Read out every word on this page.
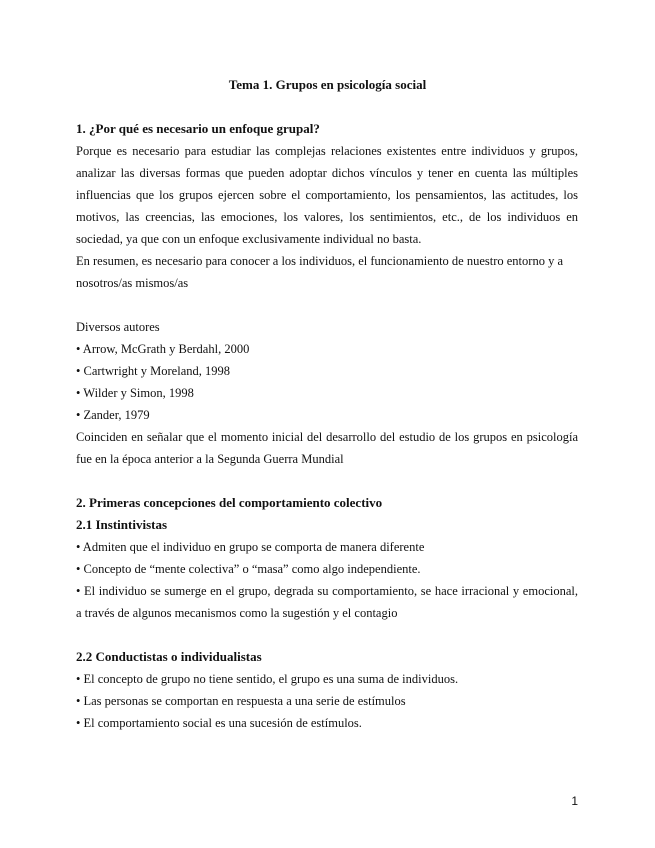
Tema 1. Grupos en psicología social

1. ¿Por qué es necesario un enfoque grupal?

Porque es necesario para estudiar las complejas relaciones existentes entre individuos y grupos, analizar las diversas formas que pueden adoptar dichos vínculos y tener en cuenta las múltiples influencias que los grupos ejercen sobre el comportamiento, los pensamientos, las actitudes, los motivos, las creencias, las emociones, los valores, los sentimientos, etc., de los individuos en sociedad, ya que con un enfoque exclusivamente individual no basta.

En resumen, es necesario para conocer a los individuos, el funcionamiento de nuestro entorno y a nosotros/as mismos/as

Diversos autores

• Arrow, McGrath y Berdahl, 2000

• Cartwright y Moreland, 1998

• Wilder y Simon, 1998

• Zander, 1979

Coinciden en señalar que el momento inicial del desarrollo del estudio de los grupos en psicología fue en la época anterior a la Segunda Guerra Mundial

2. Primeras concepciones del comportamiento colectivo

2.1 Instintivistas

• Admiten que el individuo en grupo se comporta de manera diferente

• Concepto de “mente colectiva” o “masa” como algo independiente.

• El individuo se sumerge en el grupo, degrada su comportamiento, se hace irracional y emocional, a través de algunos mecanismos como la sugestión y el contagio

2.2 Conductistas o individualistas

• El concepto de grupo no tiene sentido, el grupo es una suma de individuos.

• Las personas se comportan en respuesta a una serie de estímulos

• El comportamiento social es una sucesión de estímulos.

1
